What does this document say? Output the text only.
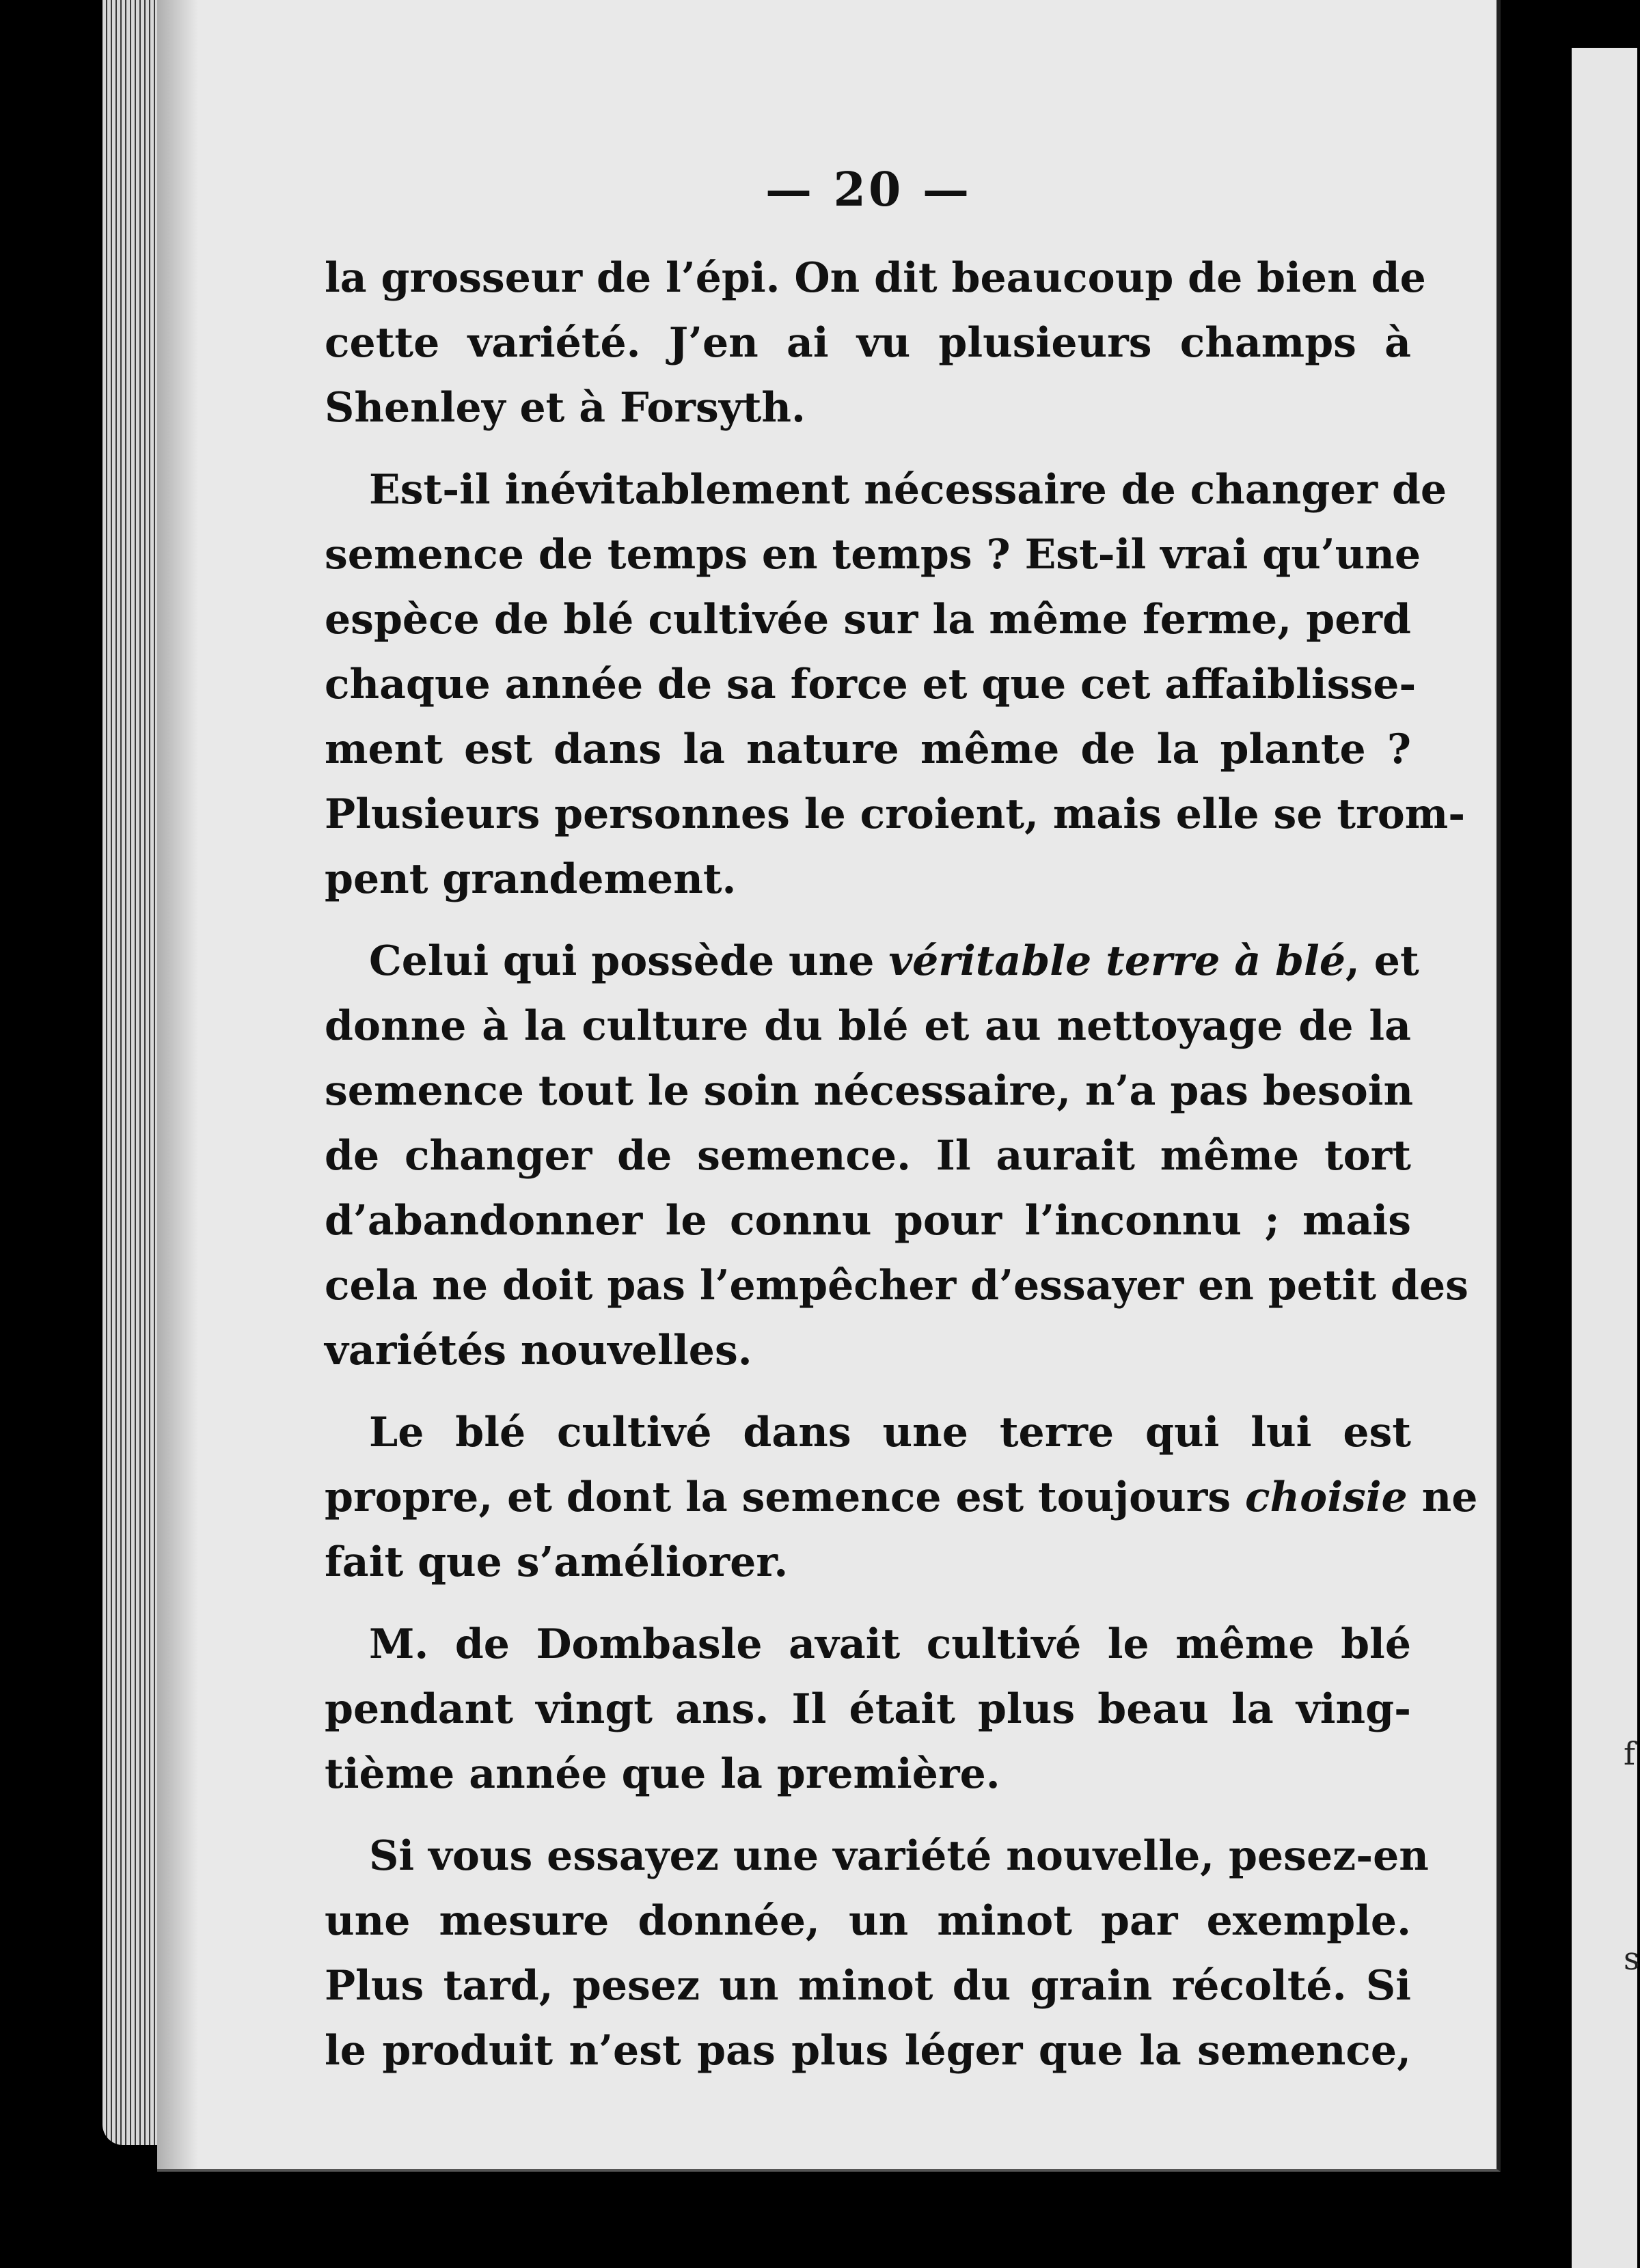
f
s
— 20 —
la grosseur de l’épi. On dit beaucoup de bien de
cette variété. J’en ai vu plusieurs champs à
Shenley et à Forsyth.
Est-il inévitablement nécessaire de changer de
semence de temps en temps ? Est-il vrai qu’une
espèce de blé cultivée sur la même ferme, perd
chaque année de sa force et que cet affaiblisse-
ment est dans la nature même de la plante ?
Plusieurs personnes le croient, mais elle se trom-
pent grandement.
Celui qui possède une véritable terre à blé, et
donne à la culture du blé et au nettoyage de la
semence tout le soin nécessaire, n’a pas besoin
de changer de semence. Il aurait même tort
d’abandonner le connu pour l’inconnu ; mais
cela ne doit pas l’empêcher d’essayer en petit des
variétés nouvelles.
Le blé cultivé dans une terre qui lui est
propre, et dont la semence est toujours choisie ne
fait que s’améliorer.
M. de Dombasle avait cultivé le même blé
pendant vingt ans. Il était plus beau la ving-
tième année que la première.
Si vous essayez une variété nouvelle, pesez-en
une mesure donnée, un minot par exemple.
Plus tard, pesez un minot du grain récolté. Si
le produit n’est pas plus léger que la semence,
